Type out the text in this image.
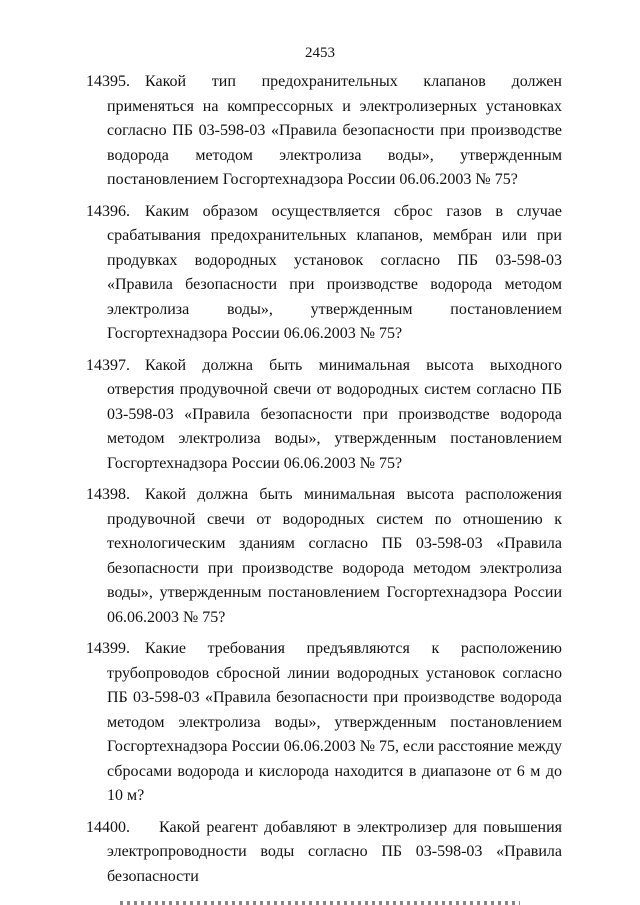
2453
14395. Какой тип предохранительных клапанов должен применяться на компрессорных и электролизерных установках согласно ПБ 03-598-03 «Правила безопасности при производстве водорода методом электролиза воды», утвержденным постановлением Госгортехнадзора России 06.06.2003 № 75?
14396. Каким образом осуществляется сброс газов в случае срабатывания предохранительных клапанов, мембран или при продувках водородных установок согласно ПБ 03-598-03 «Правила безопасности при производстве водорода методом электролиза воды», утвержденным постановлением Госгортехнадзора России 06.06.2003 № 75?
14397. Какой должна быть минимальная высота выходного отверстия продувочной свечи от водородных систем согласно ПБ 03-598-03 «Правила безопасности при производстве водорода методом электролиза воды», утвержденным постановлением Госгортехнадзора России 06.06.2003 № 75?
14398. Какой должна быть минимальная высота расположения продувочной свечи от водородных систем по отношению к технологическим зданиям согласно ПБ 03-598-03 «Правила безопасности при производстве водорода методом электролиза воды», утвержденным постановлением Госгортехнадзора России 06.06.2003 № 75?
14399. Какие требования предъявляются к расположению трубопроводов сбросной линии водородных установок согласно ПБ 03-598-03 «Правила безопасности при производстве водорода методом электролиза воды», утвержденным постановлением Госгортехнадзора России 06.06.2003 № 75, если расстояние между сбросами водорода и кислорода находится в диапазоне от 6 м до 10 м?
14400.	Какой реагент добавляют в электролизер для повышения электропроводности воды согласно ПБ 03-598-03 «Правила безопасности
